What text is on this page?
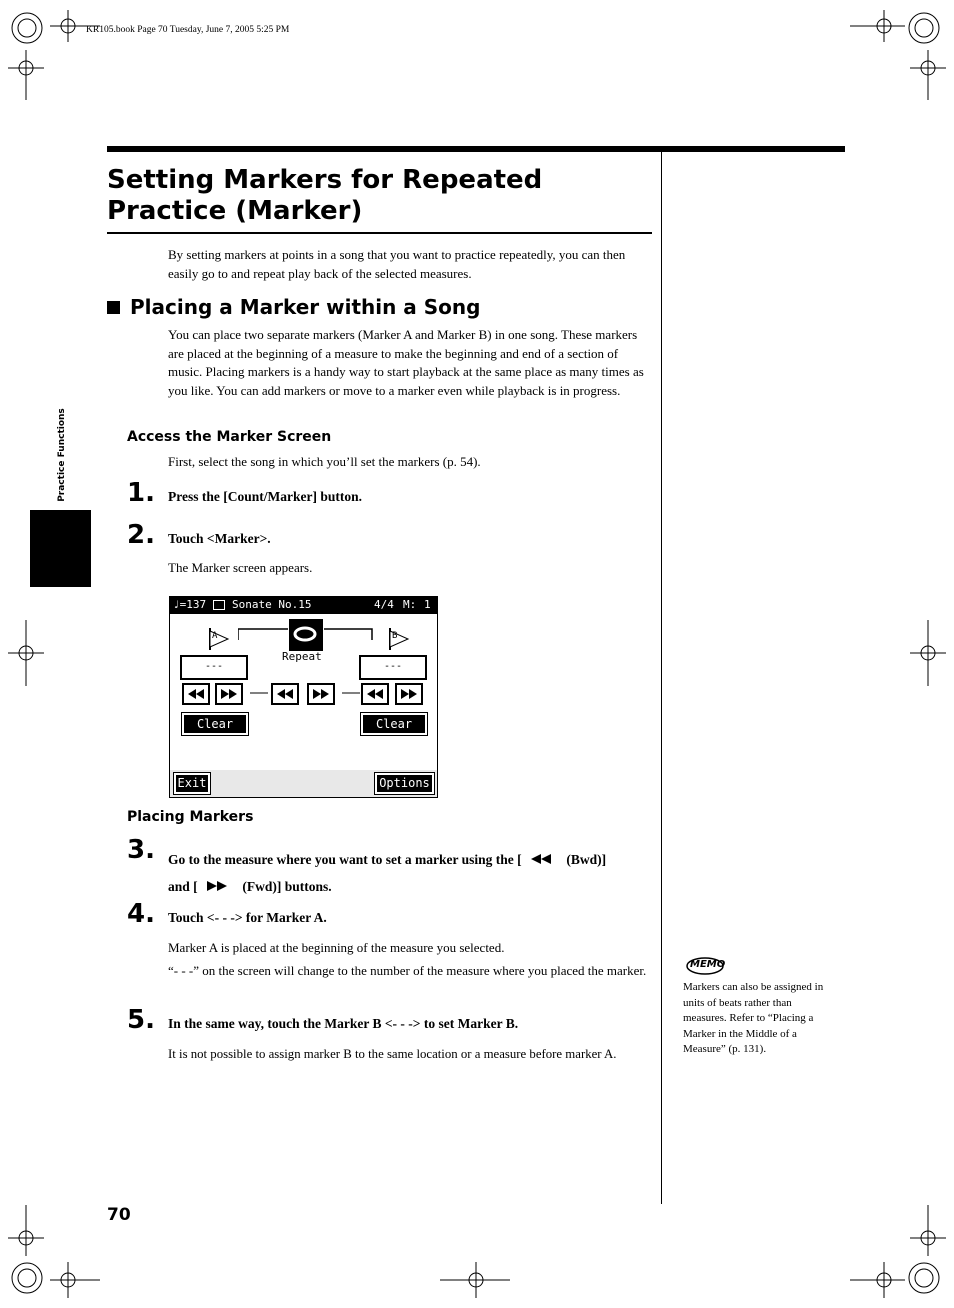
KR105.book Page 70 Tuesday, June 7, 2005 5:25 PM
Practice Functions
Setting Markers for Repeated Practice (Marker)
By setting markers at points in a song that you want to practice repeatedly, you can then easily go to and repeat play back of the selected measures.
Placing a Marker within a Song
You can place two separate markers (Marker A and Marker B) in one song. These markers are placed at the beginning of a measure to make the beginning and end of a section of music. Placing markers is a handy way to start playback at the same place as many times as you like. You can add markers or move to a marker even while playback is in progress.
Access the Marker Screen
First, select the song in which you’ll set the markers (p. 54).
1. Press the [Count/Marker] button.
2. Touch <Marker>.
The Marker screen appears.
♩=137 Sonate No.15	4/4 M: 1
A	B
Repeat
---	---
Clear	Clear
Exit	Options
Placing Markers
3. Go to the measure where you want to set a marker using the [	(Bwd)]
and [	(Fwd)] buttons.
4. Touch <- - -> for Marker A.
Marker A is placed at the beginning of the measure you selected.
“- - -” on the screen will change to the number of the measure where you placed the marker.
5. In the same way, touch the Marker B <- - -> to set Marker B.
It is not possible to assign marker B to the same location or a measure before marker A.
MEMO
Markers can also be assigned in units of beats rather than measures. Refer to “Placing a Marker in the Middle of a Measure” (p. 131).
70
